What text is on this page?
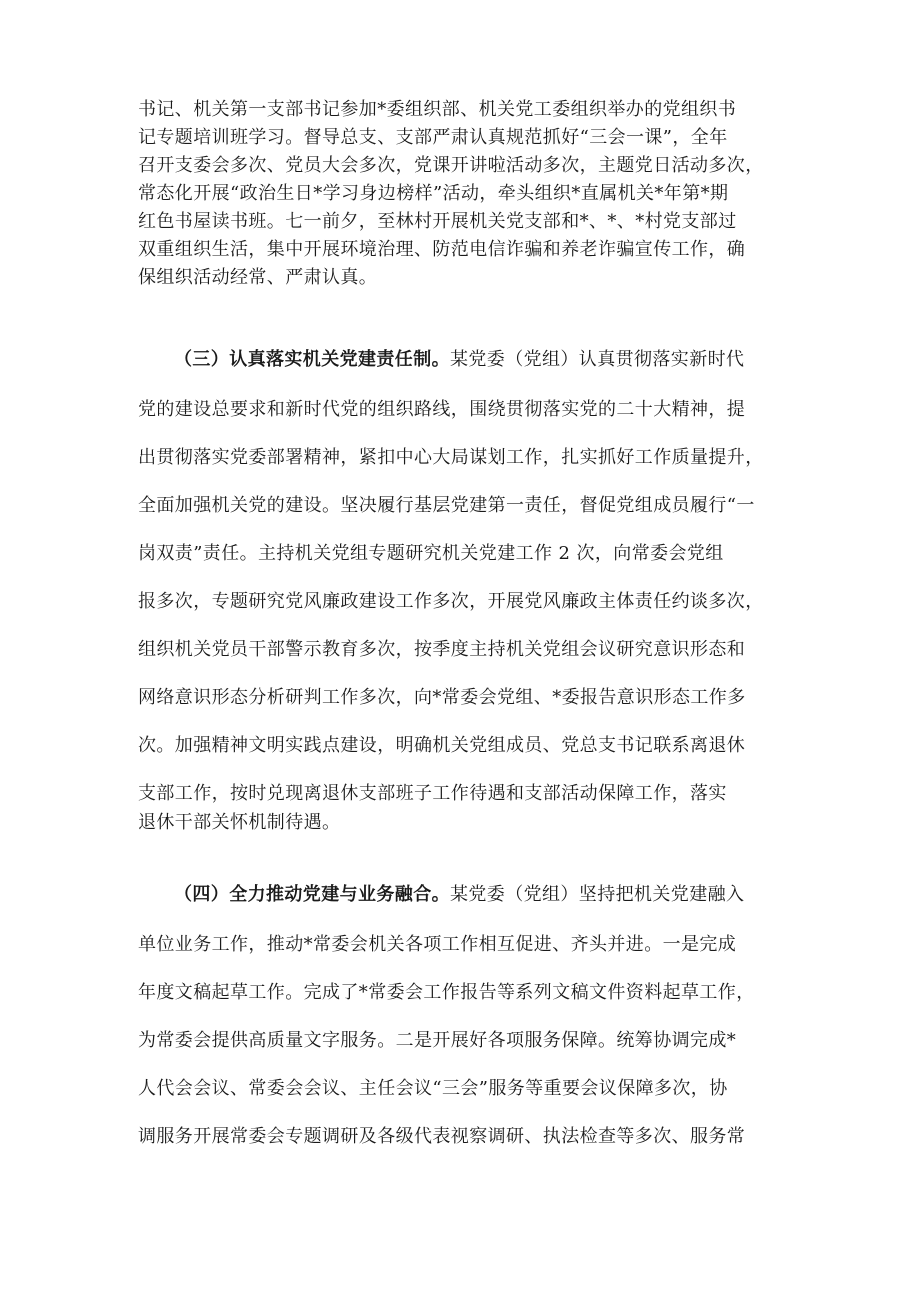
书记、机关第一支部书记参加*委组织部、机关党工委组织举办的党组织书
记专题培训班学习。督导总支、支部严肃认真规范抓好“三会一课”，全年
召开支委会多次、党员大会多次，党课开讲啦活动多次，主题党日活动多次，
常态化开展“政治生日*学习身边榜样”活动，牵头组织*直属机关*年第*期
红色书屋读书班。七一前夕，至林村开展机关党支部和*、*、*村党支部过
双重组织生活，集中开展环境治理、防范电信诈骗和养老诈骗宣传工作，确
保组织活动经常、严肃认真。
（三）认真落实机关党建责任制。某党委（党组）认真贯彻落实新时代
党的建设总要求和新时代党的组织路线，围绕贯彻落实党的二十大精神，提
出贯彻落实党委部署精神，紧扣中心大局谋划工作，扎实抓好工作质量提升，
全面加强机关党的建设。坚决履行基层党建第一责任，督促党组成员履行“一
岗双责”责任。主持机关党组专题研究机关党建工作 2 次，向常委会党组
报多次，专题研究党风廉政建设工作多次，开展党风廉政主体责任约谈多次，
组织机关党员干部警示教育多次，按季度主持机关党组会议研究意识形态和
网络意识形态分析研判工作多次，向*常委会党组、*委报告意识形态工作多
次。加强精神文明实践点建设，明确机关党组成员、党总支书记联系离退休
支部工作，按时兑现离退休支部班子工作待遇和支部活动保障工作，落实
退休干部关怀机制待遇。
（四）全力推动党建与业务融合。某党委（党组）坚持把机关党建融入
单位业务工作，推动*常委会机关各项工作相互促进、齐头并进。一是完成
年度文稿起草工作。完成了*常委会工作报告等系列文稿文件资料起草工作，
为常委会提供高质量文字服务。二是开展好各项服务保障。统筹协调完成*
人代会会议、常委会会议、主任会议“三会”服务等重要会议保障多次，协
调服务开展常委会专题调研及各级代表视察调研、执法检查等多次、服务常
